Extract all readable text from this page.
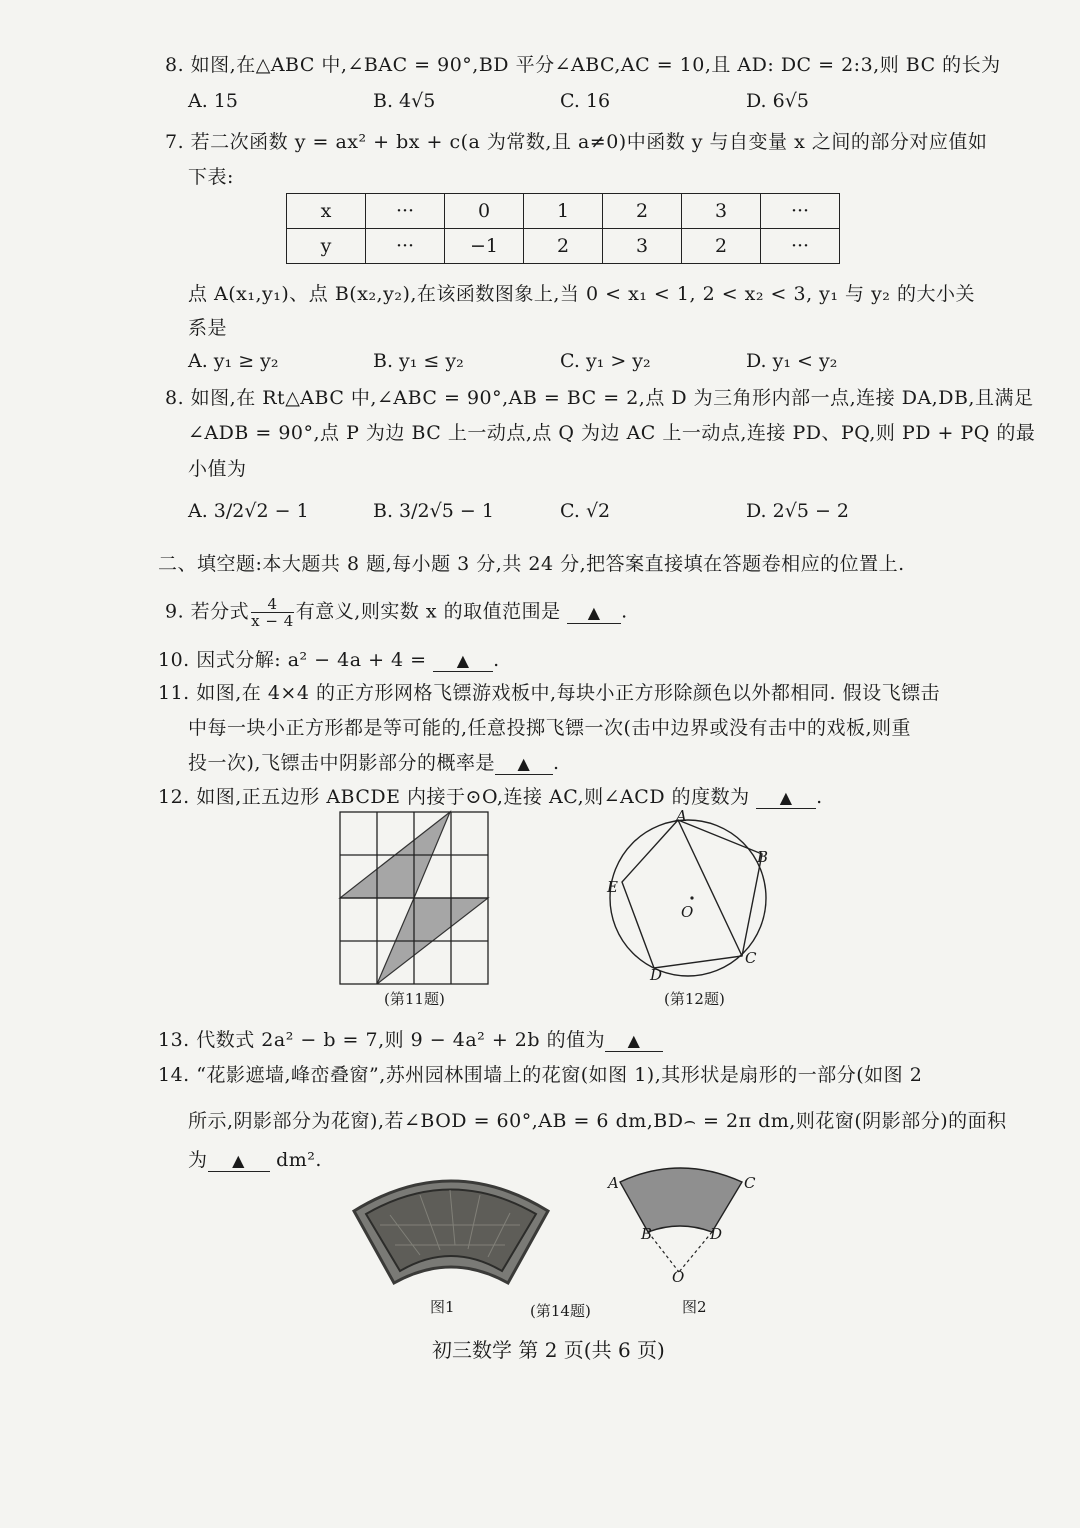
8. 如图,在△ABC 中,∠BAC = 90°,BD 平分∠ABC,AC = 10,且 AD: DC = 2:3,则 BC 的长为
A. 15	B. 4√5	C. 16	D. 6√5
7. 若二次函数 y = ax² + bx + c(a 为常数,且 a≠0)中函数 y 与自变量 x 之间的部分对应值如
下表:
x	···	0	1	2	3	···
y	···	−1	2	3	2	···
点 A(x₁,y₁)、点 B(x₂,y₂),在该函数图象上,当 0 < x₁ < 1, 2 < x₂ < 3, y₁ 与 y₂ 的大小关
系是
A. y₁ ≥ y₂	B. y₁ ≤ y₂	C. y₁ > y₂	D. y₁ < y₂
8. 如图,在 Rt△ABC 中,∠ABC = 90°,AB = BC = 2,点 D 为三角形内部一点,连接 DA,DB,且满足
∠ADB = 90°,点 P 为边 BC 上一动点,点 Q 为边 AC 上一动点,连接 PD、PQ,则 PD + PQ 的最
小值为
A. 3/2√2 − 1	B. 3/2√5 − 1	C. √2	D. 2√5 − 2
二、填空题:本大题共 8 题,每小题 3 分,共 24 分,把答案直接填在答题卷相应的位置上.
9. 若分式 $\frac{4}{x - 4}$ 有意义,则实数 x 的取值范围是 ▲ .
10. 因式分解: a² − 4a + 4 = ▲ .
11. 如图,在 4×4 的正方形网格飞镖游戏板中,每块小正方形除颜色以外都相同. 假设飞镖击
中每一块小正方形都是等可能的,任意投掷飞镖一次(击中边界或没有击中的戏板,则重
投一次),飞镖击中阴影部分的概率是 ▲ .
12. 如图,正五边形 ABCDE 内接于⊙O,连接 AC,则∠ACD 的度数为 ▲ .
(第11题)
A
B
C
D
E
O
(第12题)
13. 代数式 2a² − b = 7,则 9 − 4a² + 2b 的值为 ▲
14. “花影遮墙,峰峦叠窗”,苏州园林围墙上的花窗(如图 1),其形状是扇形的一部分(如图 2
所示,阴影部分为花窗),若∠BOD = 60°,AB = 6 dm,BD⌢ = 2π dm,则花窗(阴影部分)的面积
为 ▲ dm².
图1
A	C
B	D
O
(第14题)	图2
初三数学 第 2 页(共 6 页)
